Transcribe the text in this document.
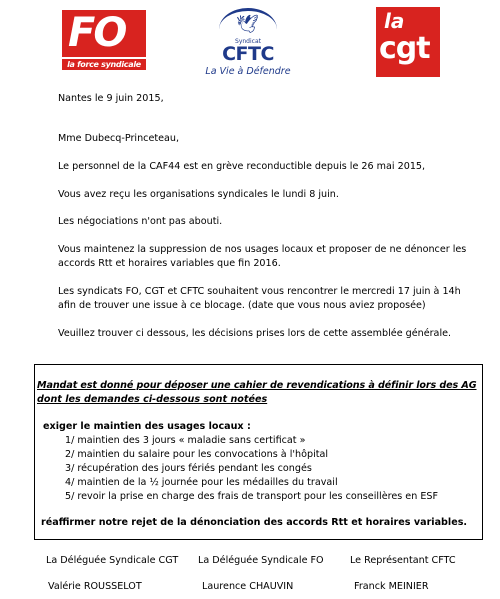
FO
la force syndicale
🕊
Syndicat
CFTC
La Vie à Défendre
la
cgt
Nantes le 9 juin 2015,
Mme Dubecq-Princeteau,
Le personnel de la CAF44 est en grève reconductible depuis le 26 mai 2015,
Vous avez reçu les organisations syndicales le lundi 8 juin.
Les négociations n'ont pas abouti.
Vous maintenez la suppression de nos usages locaux et proposer de ne dénoncer les
accords Rtt et horaires variables que fin 2016.
Les syndicats FO, CGT et CFTC souhaitent vous rencontrer le mercredi 17 juin à 14h
afin de trouver une issue à ce blocage. (date que vous nous aviez proposée)
Veuillez trouver ci dessous, les décisions prises lors de cette assemblée générale.
Mandat est donné pour déposer une cahier de revendications à définir lors des AG
dont les demandes ci-dessous sont notées
exiger le maintien des usages locaux :
1/ maintien des 3 jours « maladie sans certificat »
2/ maintien du salaire pour les convocations à l'hôpital
3/ récupération des jours fériés pendant les congés
4/ maintien de la ½ journée pour les médailles du travail
5/ revoir la prise en charge des frais de transport pour les conseillères en ESF
réaffirmer notre rejet de la dénonciation des accords Rtt et horaires variables.
La Déléguée Syndicale CGT La Déléguée Syndicale FO	Le Représentant CFTC
Valérie ROUSSELOT	Laurence CHAUVIN	Franck MEINIER
